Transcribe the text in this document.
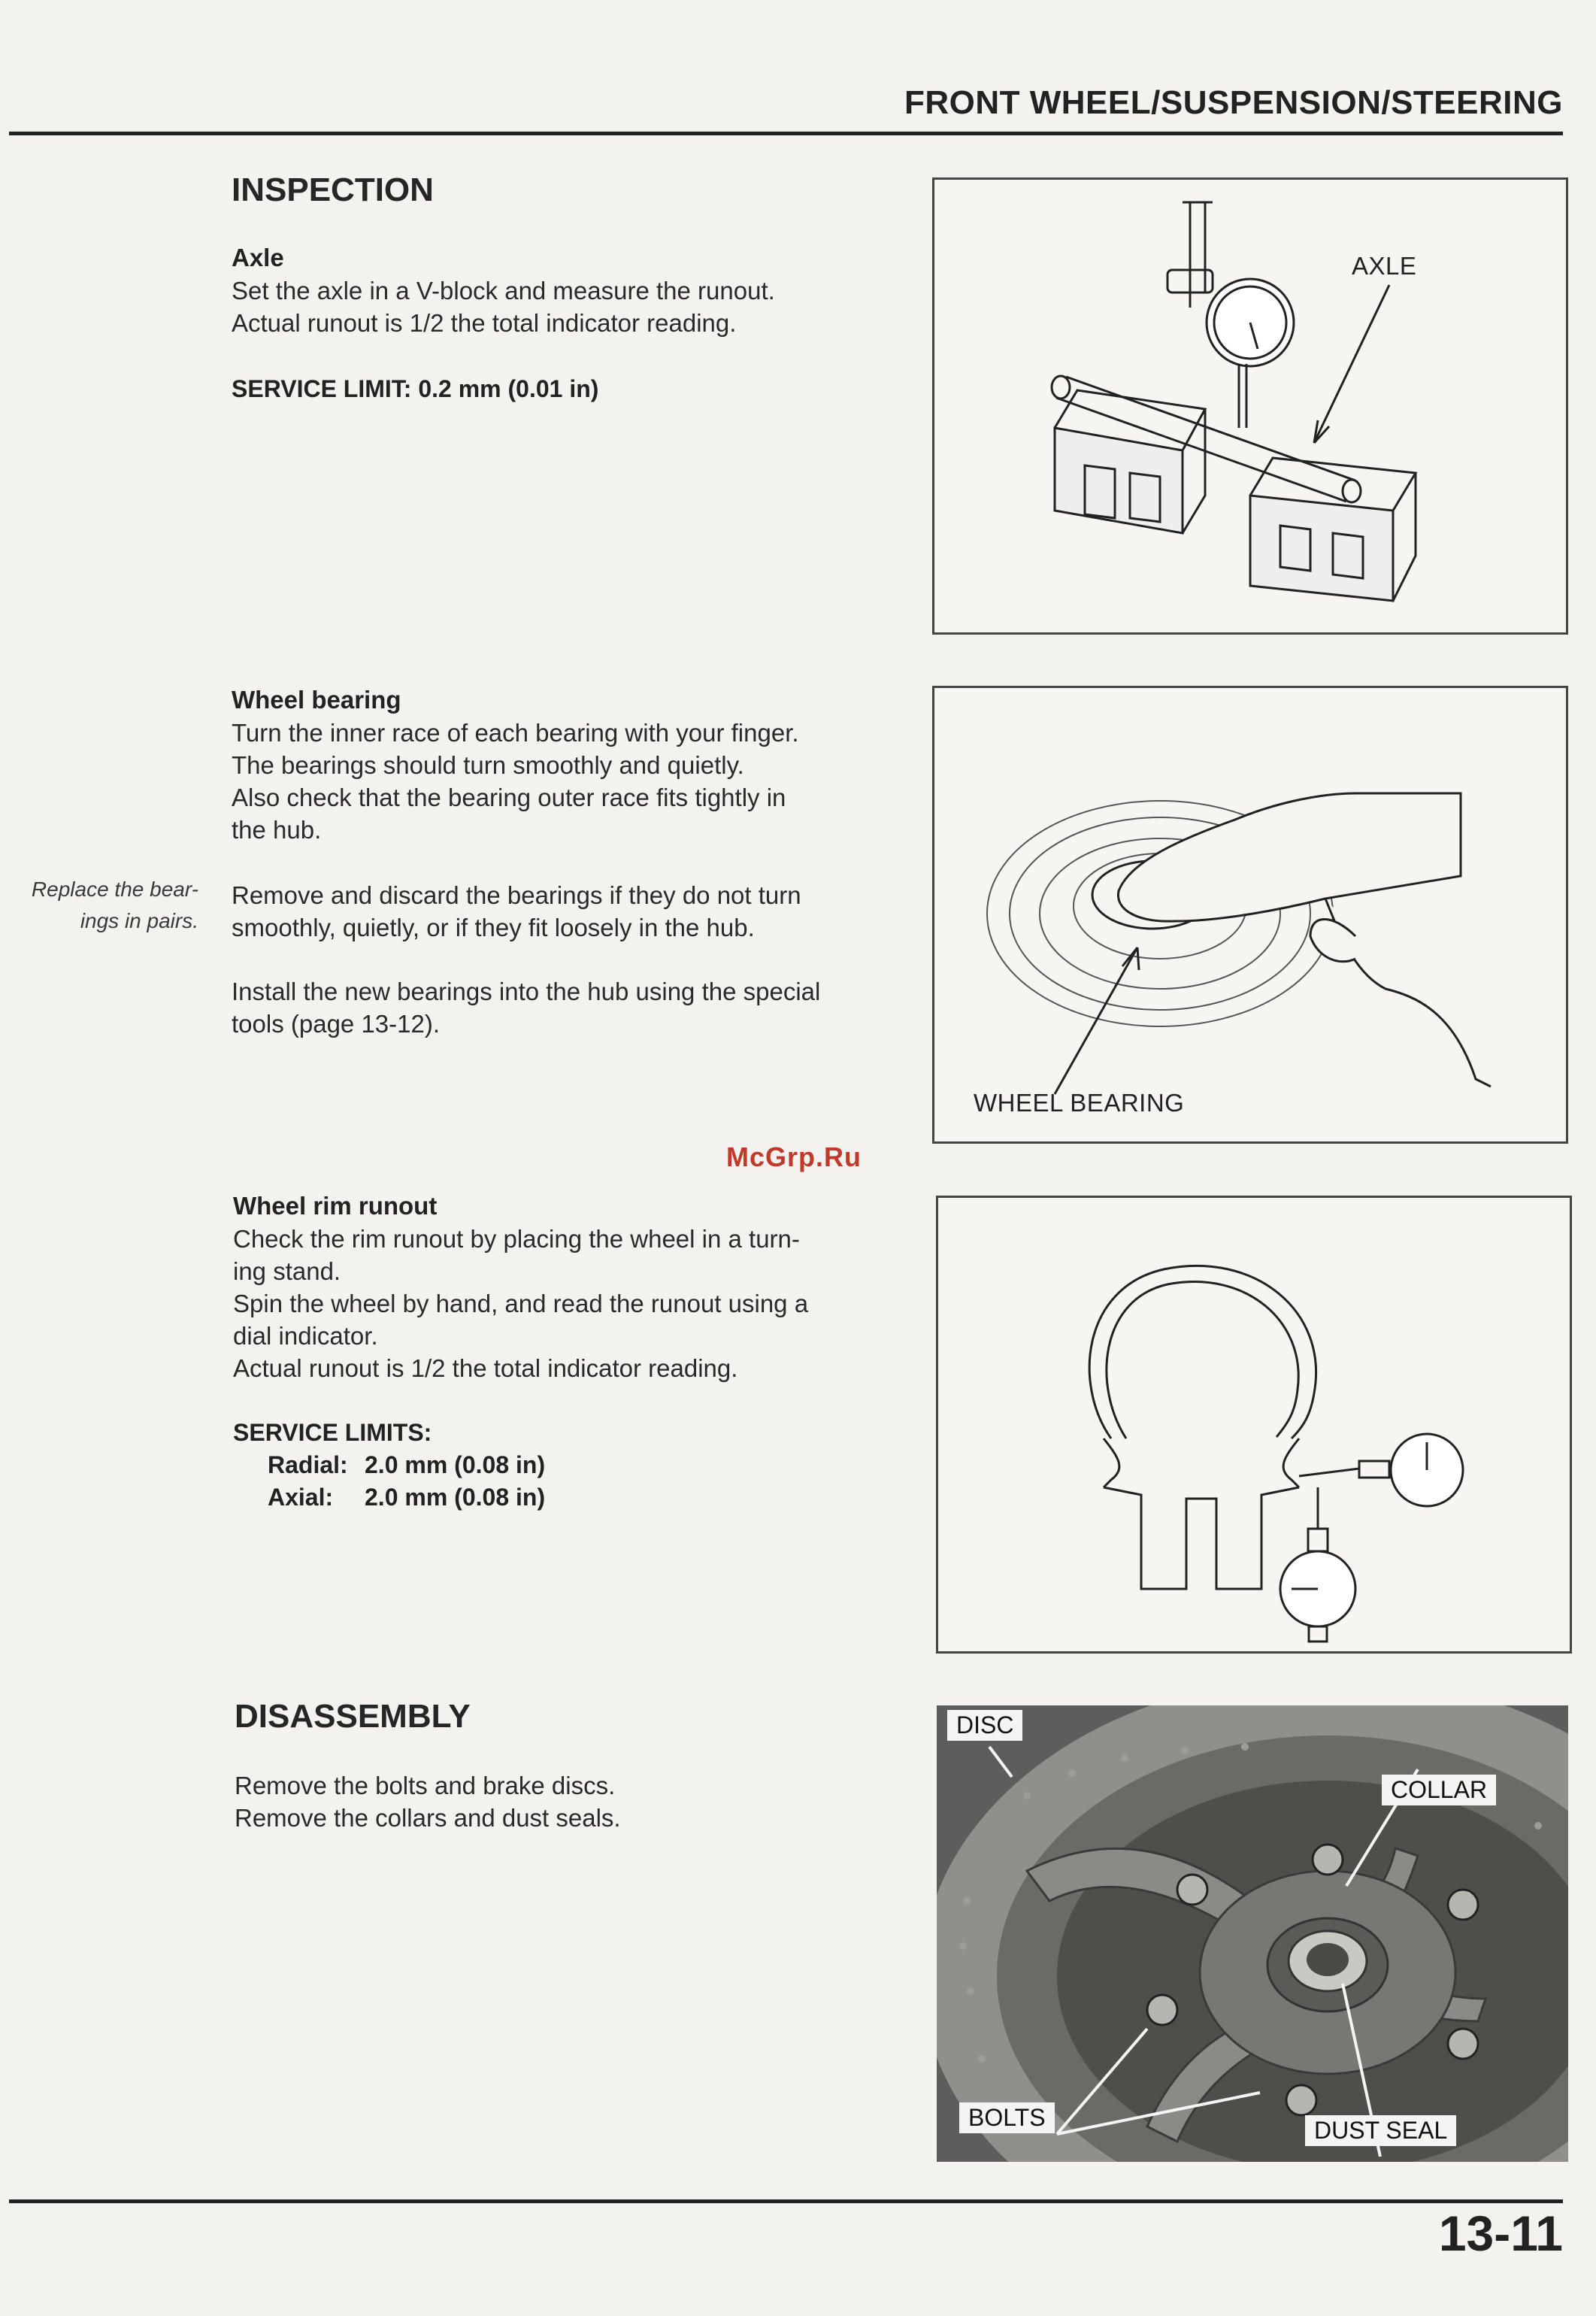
FRONT WHEEL/SUSPENSION/STEERING
INSPECTION
Axle

Set the axle in a V-block and measure the runout.

Actual runout is 1/2 the total indicator reading.

SERVICE LIMIT: 0.2 mm (0.01 in)
AXLE
Wheel bearing

Turn the inner race of each bearing with your finger.

The bearings should turn smoothly and quietly.

Also check that the bearing outer race fits tightly in

the hub.

Replace the bear-
ings in pairs.

Remove and discard the bearings if they do not turn

smoothly, quietly, or if they fit loosely in the hub.

Install the new bearings into the hub using the special

tools (page 13-12).

WHEEL BEARING
McGrp.Ru
Wheel rim runout

Check the rim runout by placing the wheel in a turn-

ing stand.

Spin the wheel by hand, and read the runout using a

dial indicator.

Actual runout is 1/2 the total indicator reading.

SERVICE LIMITS:
Radial: 2.0 mm (0.08 in)
Axial: 2.0 mm (0.08 in)
DISASSEMBLY

Remove the bolts and brake discs.

Remove the collars and dust seals.

DISC
COLLAR
BOLTS	DUST SEAL
13-11
